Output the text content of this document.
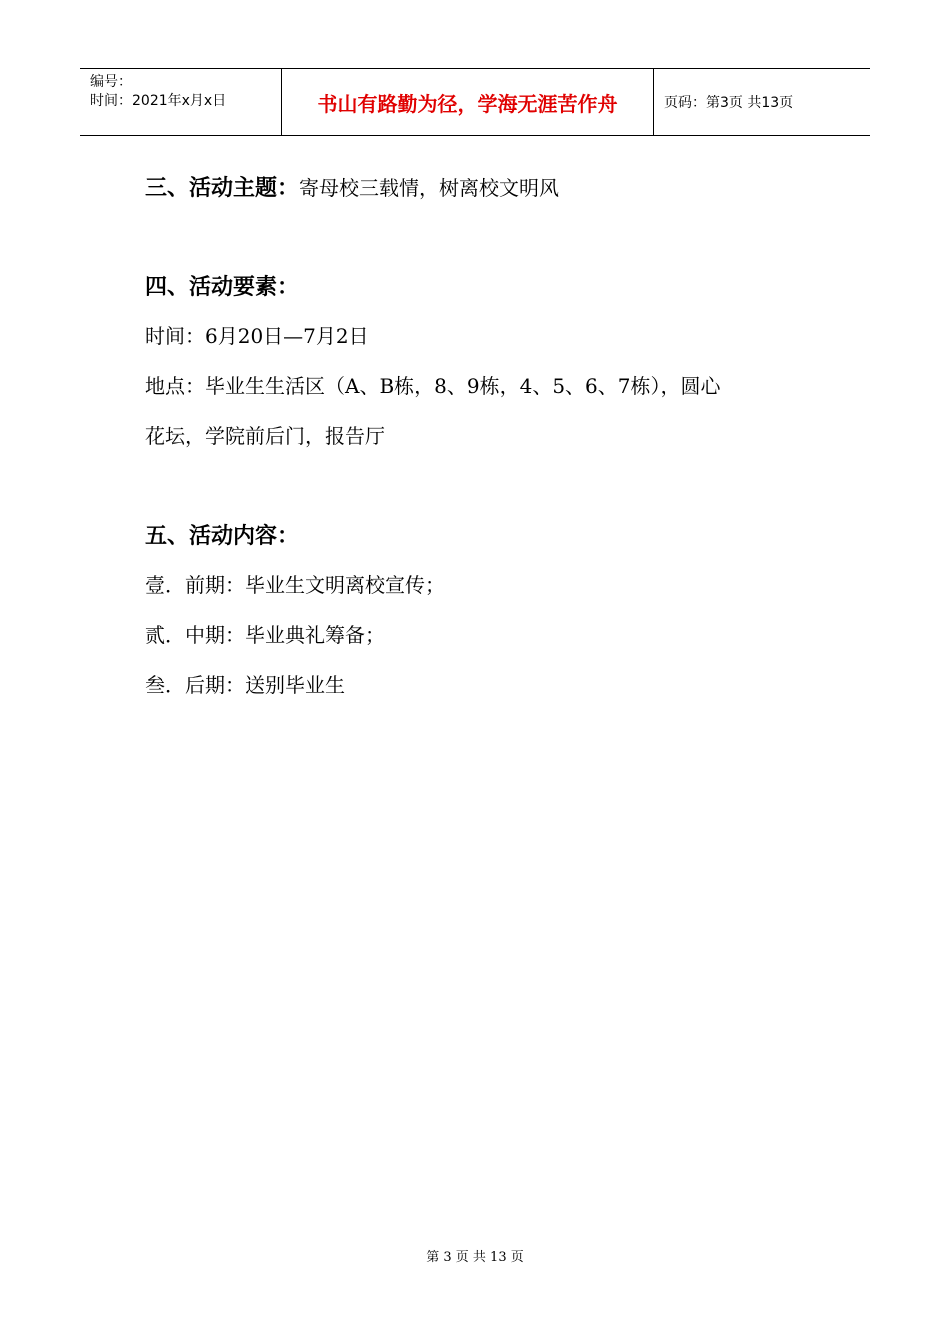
编号：
时间：2021年x月x日	书山有路勤为径，学海无涯苦作舟	页码：第3页 共13页
三、活动主题：寄母校三载情，树离校文明风
四、活动要素：
时间：6月20日—7月2日
地点：毕业生生活区（A、B栋，8、9栋，4、5、6、7栋），圆心
花坛，学院前后门，报告厅
五、活动内容：
壹．前期：毕业生文明离校宣传；
贰．中期：毕业典礼筹备；
叁．后期：送别毕业生
第 3 页 共 13 页
